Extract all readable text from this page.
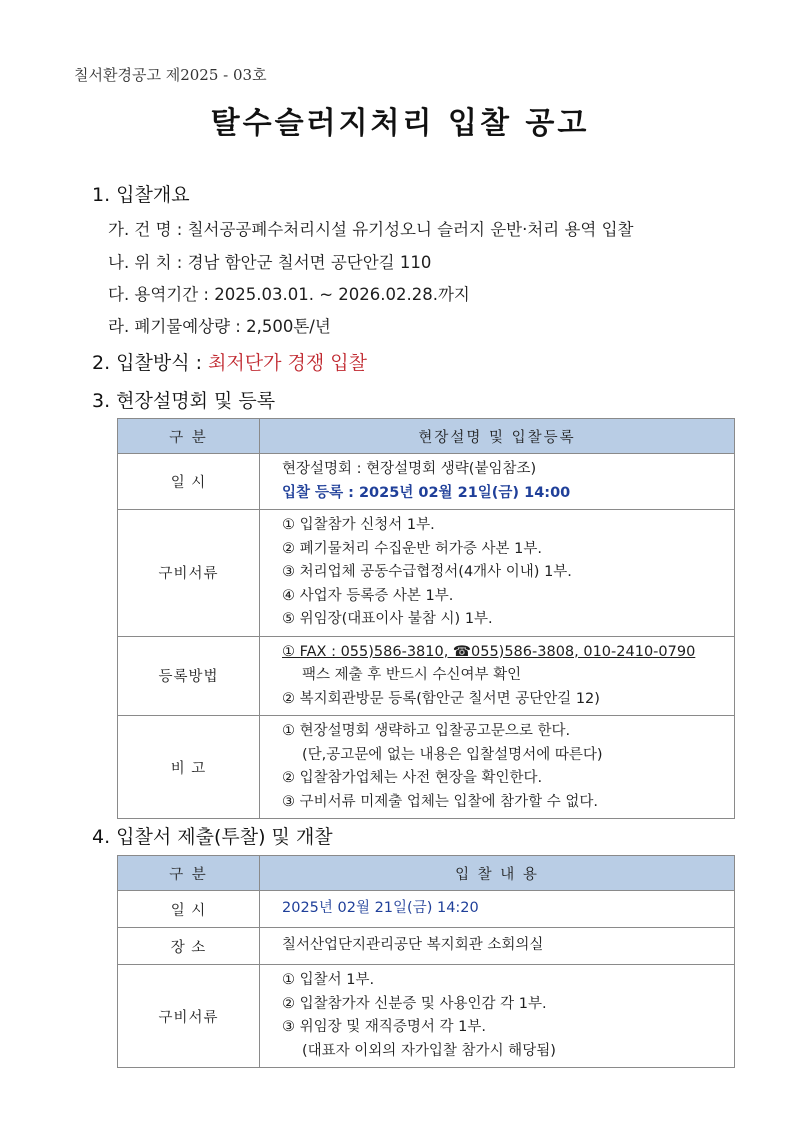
칠서환경공고 제2025 - 03호
탈수슬러지처리 입찰 공고
1. 입찰개요
가. 건 명 : 칠서공공폐수처리시설 유기성오니 슬러지 운반·처리 용역 입찰
나. 위 치 : 경남 함안군 칠서면 공단안길 110
다. 용역기간 : 2025.03.01. ~ 2026.02.28.까지
라. 폐기물예상량 : 2,500톤/년
2. 입찰방식 : 최저단가 경쟁 입찰
3. 현장설명회 및 등록
구 분	현장설명 및 입찰등록
일 시	현장설명회 : 현장설명회 생략(붙임참조)
입찰 등록 : 2025년 02월 21일(금) 14:00

구비서류	① 입찰참가 신청서 1부.
② 폐기물처리 수집운반 허가증 사본 1부.
③ 처리업체 공동수급협정서(4개사 이내) 1부.
④ 사업자 등록증 사본 1부.
⑤ 위임장(대표이사 불참 시) 1부.

등록방법	① FAX : 055)586-3810, ☎055)586-3808, 010-2410-0790
팩스 제출 후 반드시 수신여부 확인
② 복지회관방문 등록(함안군 칠서면 공단안길 12)

비 고	① 현장설명회 생략하고 입찰공고문으로 한다.
(단,공고문에 없는 내용은 입찰설명서에 따른다)
② 입찰참가업체는 사전 현장을 확인한다.
③ 구비서류 미제출 업체는 입찰에 참가할 수 없다.
4. 입찰서 제출(투찰) 및 개찰
구 분	입 찰 내 용
일 시	2025년 02월 21일(금) 14:20
장 소	칠서산업단지관리공단 복지회관 소회의실
구비서류	① 입찰서 1부.
② 입찰참가자 신분증 및 사용인감 각 1부.
③ 위임장 및 재직증명서 각 1부.
(대표자 이외의 자가입찰 참가시 해당됨)
